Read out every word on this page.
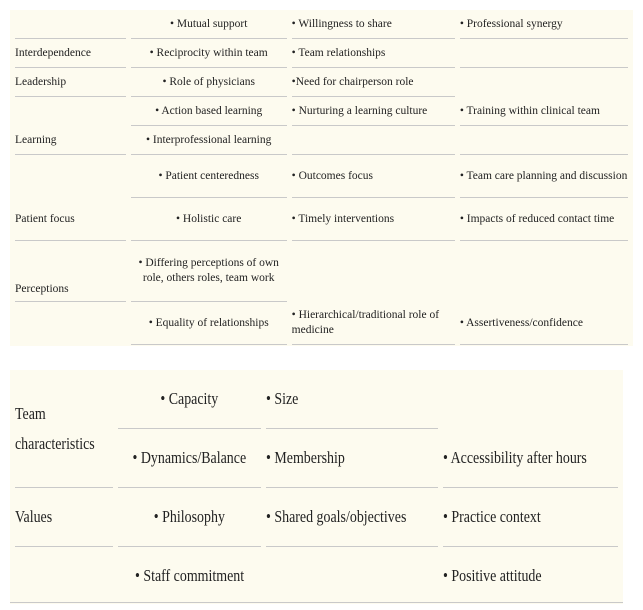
	• Mutual support	• Willingness to share	• Professional synergy
Interdependence	• Reciprocity within team	• Team relationships	
Leadership	• Role of physicians	•Need for chairperson role	
	• Action based learning	• Nurturing a learning culture	• Training within clinical team
Learning	• Interprofessional learning		
	• Patient centeredness	• Outcomes focus	• Team care planning and discussion
Patient focus	• Holistic care	• Timely interventions	• Impacts of reduced contact time
Perceptions	• Differing perceptions of own role, others roles, team work		
	• Equality of relationships	• Hierarchical/traditional role of medicine	• Assertiveness/confidence
Team characteristics	• Capacity	• Size	
	• Dynamics/Balance	• Membership	• Accessibility after hours
Values	• Philosophy	• Shared goals/objectives	• Practice context
	• Staff commitment		• Positive attitude
